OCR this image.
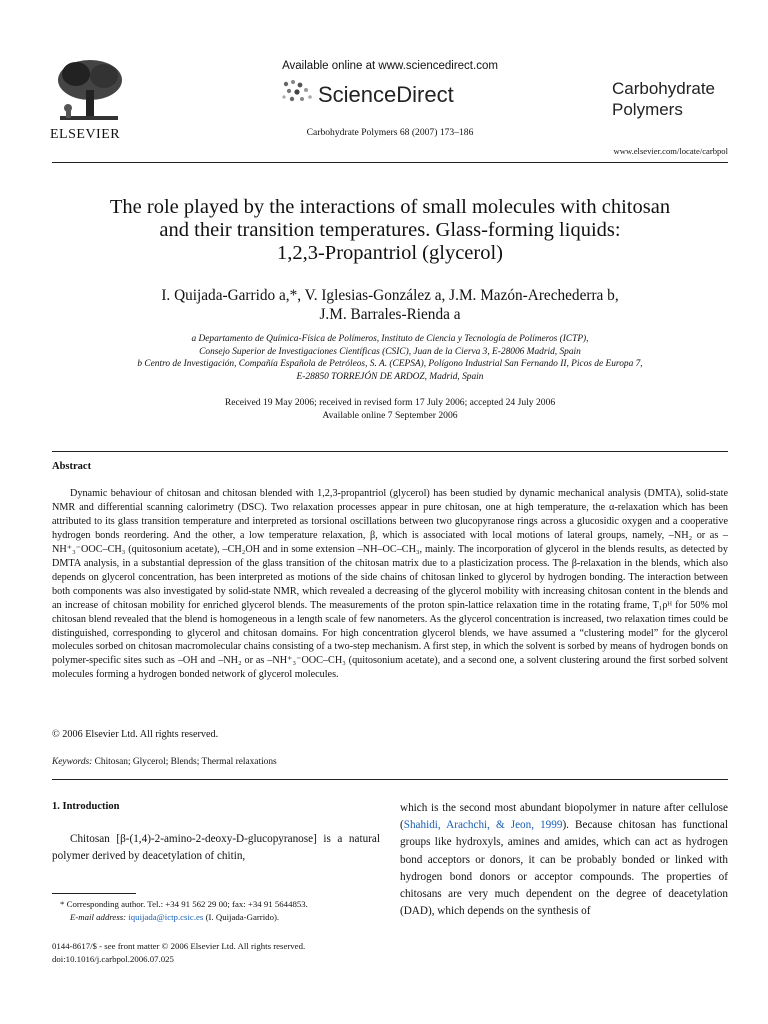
ELSEVIER
Available online at www.sciencedirect.com
ScienceDirect
Carbohydrate Polymers 68 (2007) 173–186
Carbohydrate
Polymers
www.elsevier.com/locate/carbpol
The role played by the interactions of small molecules with chitosan
and their transition temperatures. Glass-forming liquids:
1,2,3-Propantriol (glycerol)
I. Quijada-Garrido a,*, V. Iglesias-González a, J.M. Mazón-Arechederra b,
J.M. Barrales-Rienda a
a Departamento de Química-Física de Polímeros, Instituto de Ciencia y Tecnología de Polímeros (ICTP),
Consejo Superior de Investigaciones Científicas (CSIC), Juan de la Cierva 3, E-28006 Madrid, Spain
b Centro de Investigación, Compañía Española de Petróleos, S. A. (CEPSA), Polígono Industrial San Fernando II, Picos de Europa 7,
E-28850 TORREJÓN DE ARDOZ, Madrid, Spain
Received 19 May 2006; received in revised form 17 July 2006; accepted 24 July 2006
Available online 7 September 2006
Abstract
Dynamic behaviour of chitosan and chitosan blended with 1,2,3-propantriol (glycerol) has been studied by dynamic mechanical analysis (DMTA), solid-state NMR and differential scanning calorimetry (DSC). Two relaxation processes appear in pure chitosan, one at high temperature, the α-relaxation which has been attributed to its glass transition temperature and interpreted as torsional oscillations between two glucopyranose rings across a glucosidic oxygen and a cooperative hydrogen bonds reordering. And the other, a low temperature relaxation, β, which is associated with local motions of lateral groups, namely, –NH₂ or as –NH⁺₃⁻OOC–CH₃ (quitosonium acetate), –CH₂OH and in some extension –NH–OC–CH₃, mainly. The incorporation of glycerol in the blends results, as detected by DMTA analysis, in a substantial depression of the glass transition of the chitosan matrix due to a plasticization process. The β-relaxation in the blends, which also depends on glycerol concentration, has been interpreted as motions of the side chains of chitosan linked to glycerol by hydrogen bonding. The interaction between both components was also investigated by solid-state NMR, which revealed a decreasing of the glycerol mobility with increasing chitosan content in the blends and an increase of chitosan mobility for enriched glycerol blends. The measurements of the proton spin-lattice relaxation time in the rotating frame, T₁ρᴴ for 50% mol chitosan blend revealed that the blend is homogeneous in a length scale of few nanometers. As the glycerol concentration is increased, two relaxation times could be distinguished, corresponding to glycerol and chitosan domains. For high concentration glycerol blends, we have assumed a “clustering model” for the glycerol molecules sorbed on chitosan macromolecular chains consisting of a two-step mechanism. A first step, in which the solvent is sorbed by means of hydrogen bonds on polymer-specific sites such as –OH and –NH₂ or as –NH⁺₃⁻OOC–CH₃ (quitosonium acetate), and a second one, a solvent clustering around the first sorbed solvent molecules forming a hydrogen bonded network of glycerol molecules.
© 2006 Elsevier Ltd. All rights reserved.
Keywords: Chitosan; Glycerol; Blends; Thermal relaxations
1. Introduction
Chitosan [β-(1,4)-2-amino-2-deoxy-D-glucopyranose] is a natural polymer derived by deacetylation of chitin,
* Corresponding author. Tel.: +34 91 562 29 00; fax: +34 91 5644853.
E-mail address: iquijada@ictp.csic.es (I. Quijada-Garrido).
0144-8617/$ - see front matter © 2006 Elsevier Ltd. All rights reserved.
doi:10.1016/j.carbpol.2006.07.025
which is the second most abundant biopolymer in nature after cellulose (Shahidi, Arachchi, & Jeon, 1999). Because chitosan has functional groups like hydroxyls, amines and amides, which can act as hydrogen bond acceptors or donors, it can be probably bonded or linked with hydrogen bond donors or acceptor compounds. The properties of chitosans are very much dependent on the degree of deacetylation (DAD), which depends on the synthesis of
